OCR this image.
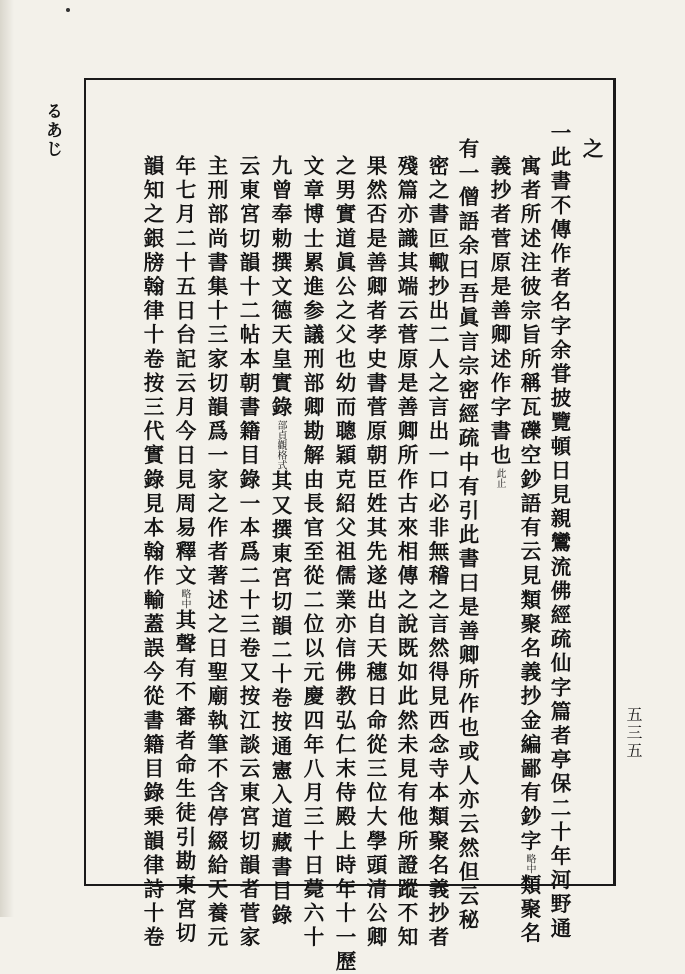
るあじ	之
一此書不傳作者名字余甞披覽頓日見親鸞流佛經疏仙字篇者亭保二十年河野通
寓者所述注彼宗旨所稱瓦礫空鈔語有云見類聚名義抄金編鄙有鈔字略中類聚名
義抄者菅原是善卿述作字書也此止
有一僧語余曰吾眞言宗密經疏中有引此書曰是善卿所作也或人亦云然但云秘
密之書叵輙抄出二人之言出一口必非無稽之言然得見西念寺本類聚名義抄者
殘篇亦識其端云菅原是善卿所作古來相傳之說既如此然未見有他所證蹤不知
果然否是善卿者孝史書菅原朝臣姓其先遂出自天穗日命從三位大學頭清公卿
之男實道眞公之父也幼而聰穎克紹父祖儒業亦信佛教弘仁末侍殿上時年十一歷
文章博士累進参議刑部卿勘解由長官至從二位以元慶四年八月三十日薨六十
九曾奉勅撰文德天皇實錄部貞觀格式其又撰東宮切韻二十卷按通憲入道藏書目錄
云東宮切韻十二帖本朝書籍目錄一本爲二十三卷又按江談云東宮切韻者菅家
主刑部尚書集十三家切韻爲一家之作者著述之日聖廟執筆不含停綴給天養元
年七月二十五日台記云月今日見周易釋文略中其聲有不審者命生徒引勘東宮切
韻知之銀牓翰律十卷按三代實錄見本翰作輸蓋誤今從書籍目錄乗韻律詩十卷	五三五
